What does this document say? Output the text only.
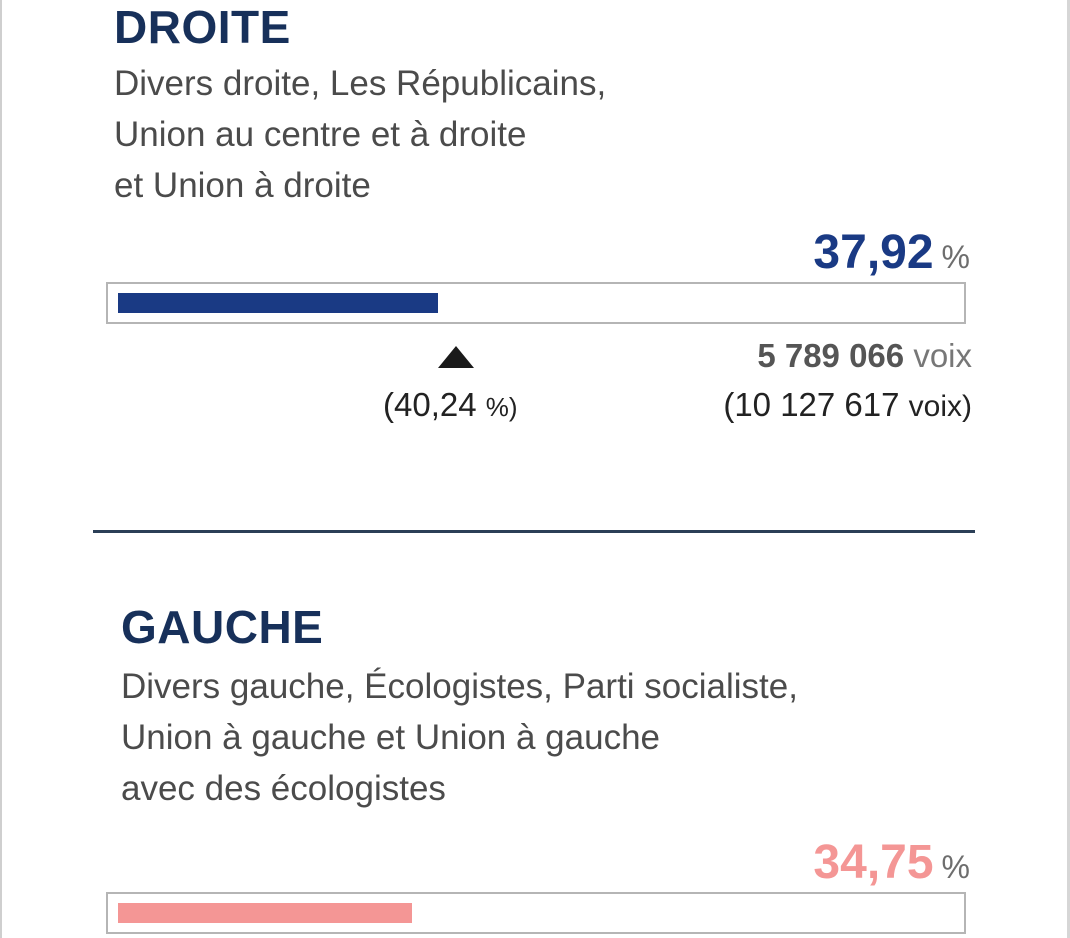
DROITE
Divers droite, Les Républicains,
Union au centre et à droite
et Union à droite
37,92 %
(40,24 %)
5 789 066 voix
(10 127 617 voix)
GAUCHE
Divers gauche, Écologistes, Parti socialiste,
Union à gauche et Union à gauche
avec des écologistes
34,75 %
